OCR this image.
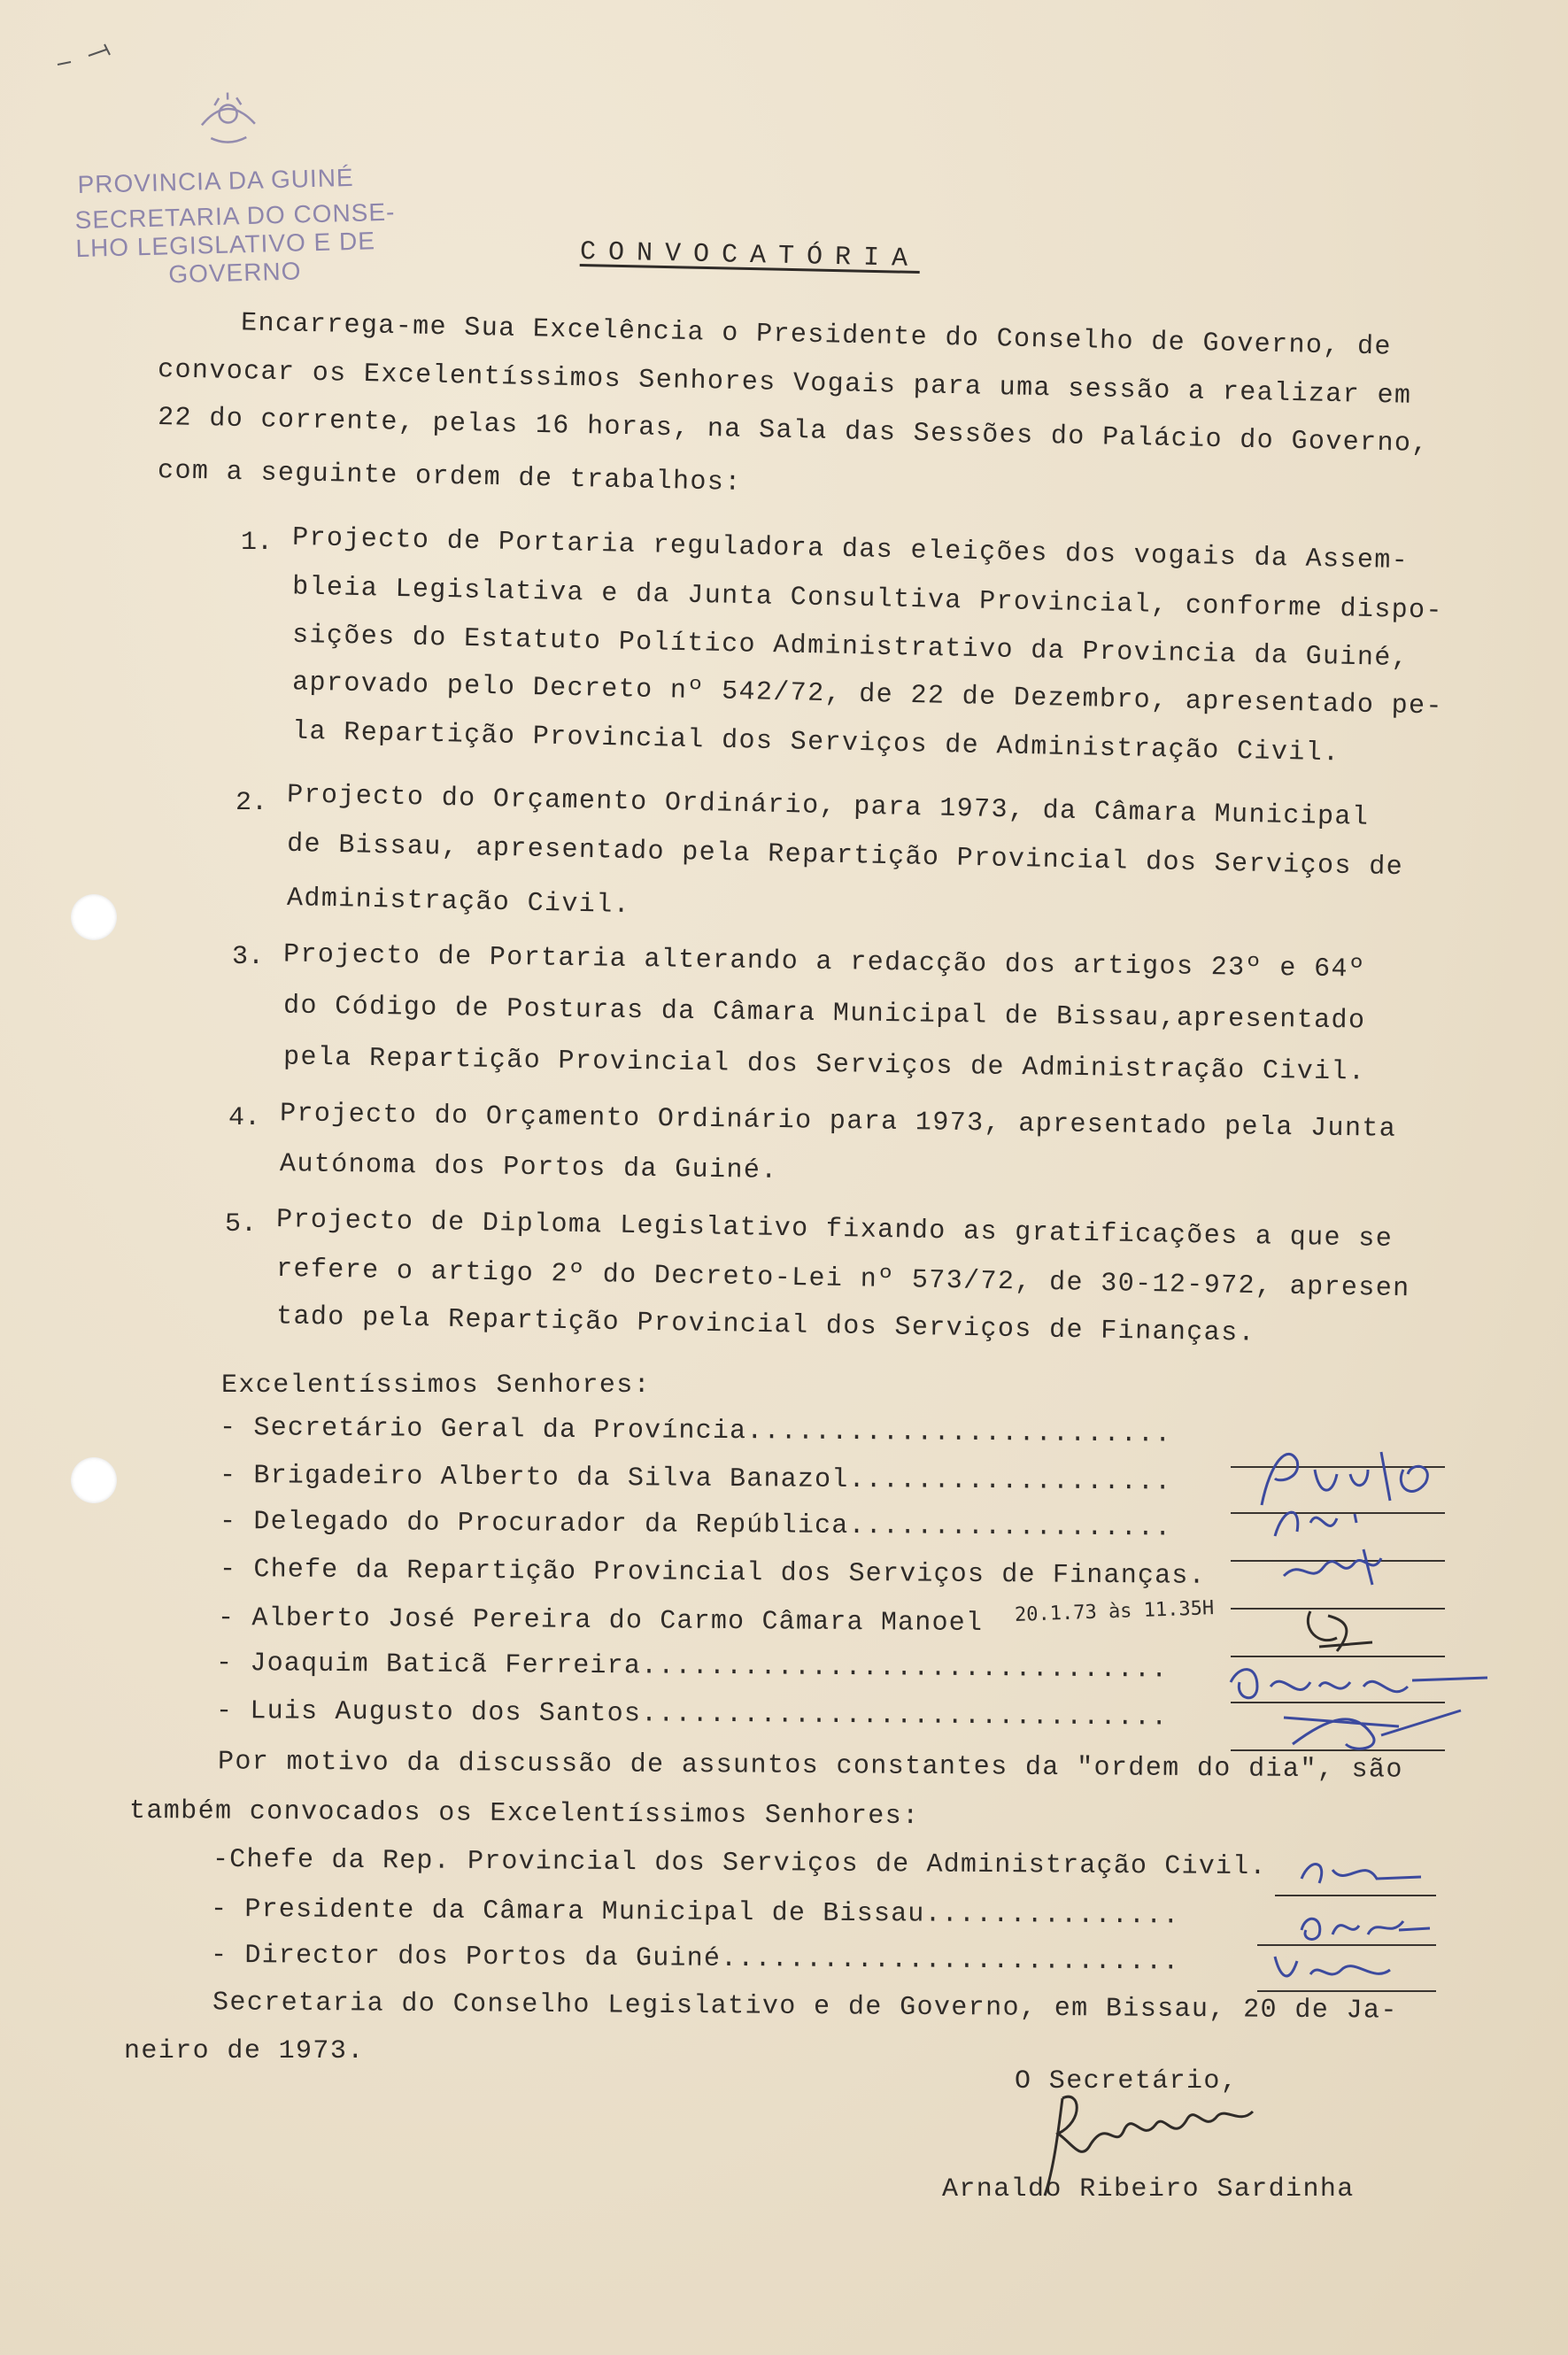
PROVINCIA DA GUINÉ
SECRETARIA DO CONSE-
LHO LEGISLATIVO E DE
GOVERNO	CONVOCATÓRIA
Encarrega-me Sua Excelência o Presidente do Conselho de Governo, de
convocar os Excelentíssimos Senhores Vogais para uma sessão a realizar em
22 do corrente, pelas 16 horas, na Sala das Sessões do Palácio do Governo,
com a seguinte ordem de trabalhos:
1. Projecto de Portaria reguladora das eleições dos vogais da Assem-
bleia Legislativa e da Junta Consultiva Provincial, conforme dispo-
sições do Estatuto Político Administrativo da Provincia da Guiné,
aprovado pelo Decreto nº 542/72, de 22 de Dezembro, apresentado pe-
la Repartição Provincial dos Serviços de Administração Civil.
2. Projecto do Orçamento Ordinário, para 1973, da Câmara Municipal
de Bissau, apresentado pela Repartição Provincial dos Serviços de
Administração Civil.
3. Projecto de Portaria alterando a redacção dos artigos 23º e 64º
do Código de Posturas da Câmara Municipal de Bissau,apresentado
pela Repartição Provincial dos Serviços de Administração Civil.
4. Projecto do Orçamento Ordinário para 1973, apresentado pela Junta
Autónoma dos Portos da Guiné.
5. Projecto de Diploma Legislativo fixando as gratificações a que se
refere o artigo 2º do Decreto-Lei nº 573/72, de 30-12-972, apresen
tado pela Repartição Provincial dos Serviços de Finanças.
Excelentíssimos Senhores:
- Secretário Geral da Província.........................
- Brigadeiro Alberto da Silva Banazol...................
- Delegado do Procurador da República...................
- Chefe da Repartição Provincial dos Serviços de Finanças.
- Alberto José Pereira do Carmo Câmara Manoel
- Joaquim Baticã Ferreira...............................
- Luis Augusto dos Santos...............................
20.1.73 às 11.35H
Por motivo da discussão de assuntos constantes da "ordem do dia", são
também convocados os Excelentíssimos Senhores:
-Chefe da Rep. Provincial dos Serviços de Administração Civil.
- Presidente da Câmara Municipal de Bissau...............
- Director dos Portos da Guiné...........................
Secretaria do Conselho Legislativo e de Governo, em Bissau, 20 de Ja-
neiro de 1973.
O Secretário,
Arnaldo Ribeiro Sardinha
